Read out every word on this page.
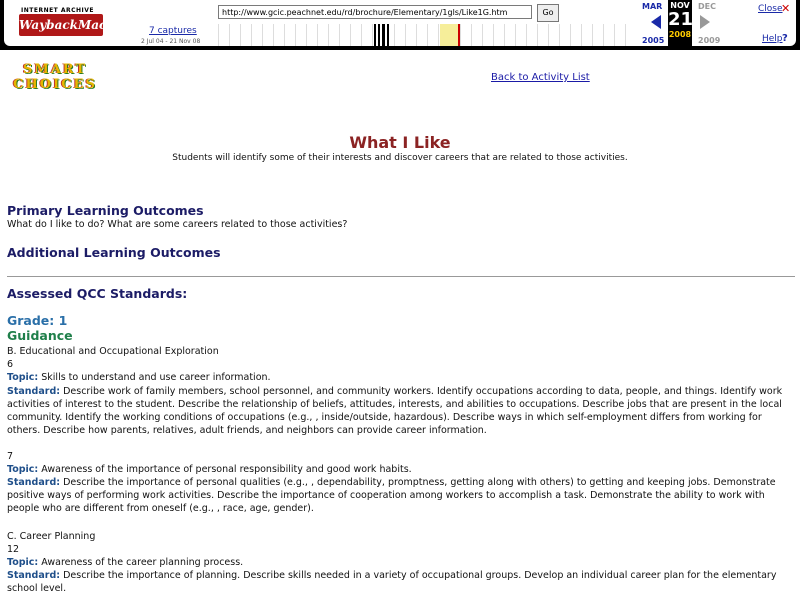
INTERNET ARCHIVE
WaybackMachine
http://www.gcic.peachnet.edu/rd/brochure/Elementary/1gls/Like1G.htm	Go
7 captures
2 Jul 04 - 21 Nov 08
MAR
2005
NOV
21
2008
DEC
2009
Close
✕
Help ?
SMART
CHOICES	Back to Activity List
What I Like
Students will identify some of their interests and discover careers that are related to those activities.
Primary Learning Outcomes
What do I like to do? What are some careers related to those activities?
Additional Learning Outcomes
Assessed QCC Standards:
Grade: 1
Guidance
B. Educational and Occupational Exploration
6
Topic: Skills to understand and use career information.
Standard: Describe work of family members, school personnel, and community workers. Identify occupations according to data, people, and things. Identify work activities of interest to the student. Describe the relationship of beliefs, attitudes, interests, and abilities to occupations. Describe jobs that are present in the local community. Identify the working conditions of occupations (e.g., , inside/outside, hazardous). Describe ways in which self-employment differs from working for others. Describe how parents, relatives, adult friends, and neighbors can provide career information.
7
Topic: Awareness of the importance of personal responsibility and good work habits.
Standard: Describe the importance of personal qualities (e.g., , dependability, promptness, getting along with others) to getting and keeping jobs. Demonstrate positive ways of performing work activities. Describe the importance of cooperation among workers to accomplish a task. Demonstrate the ability to work with people who are different from oneself (e.g., , race, age, gender).
C. Career Planning
12
Topic: Awareness of the career planning process.
Standard: Describe the importance of planning. Describe skills needed in a variety of occupational groups. Develop an individual career plan for the elementary school level.
